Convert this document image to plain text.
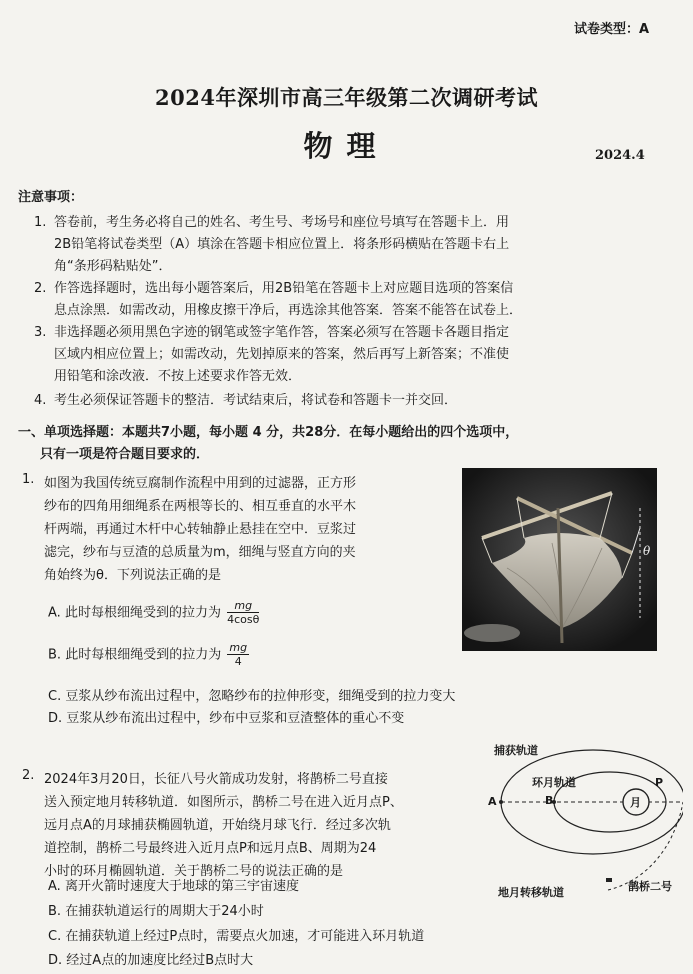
试卷类型：A
2024年深圳市高三年级第二次调研考试
物理	2024.4
注意事项：
1. 答卷前，考生务必将自己的姓名、考生号、考场号和座位号填写在答题卡上．用
2B铅笔将试卷类型（A）填涂在答题卡相应位置上．将条形码横贴在答题卡右上
角“条形码粘贴处”．
2. 作答选择题时，选出每小题答案后，用2B铅笔在答题卡上对应题目选项的答案信
息点涂黑．如需改动，用橡皮擦干净后，再选涂其他答案．答案不能答在试卷上．
3. 非选择题必须用黑色字迹的钢笔或签字笔作答，答案必须写在答题卡各题目指定
区域内相应位置上；如需改动，先划掉原来的答案，然后再写上新答案；不准使
用铅笔和涂改液．不按上述要求作答无效．
4. 考生必须保证答题卡的整洁．考试结束后，将试卷和答题卡一并交回．
一、单项选择题：本题共7小题，每小题 4 分，共28分．在每小题给出的四个选项中，
只有一项是符合题目要求的．
1. 如图为我国传统豆腐制作流程中用到的过滤器，正方形
纱布的四角用细绳系在两根等长的、相互垂直的水平木
杆两端，再通过木杆中心转轴静止悬挂在空中．豆浆过
滤完，纱布与豆渣的总质量为m，细绳与竖直方向的夹
角始终为θ．下列说法正确的是
A. 此时每根细绳受到的拉力为 $\frac{mg}{4\cos\theta}$
B. 此时每根细绳受到的拉力为 $\frac{mg}{4}$
C. 豆浆从纱布流出过程中，忽略纱布的拉伸形变，细绳受到的拉力变大
D. 豆浆从纱布流出过程中，纱布中豆浆和豆渣整体的重心不变
θ
2. 2024年3月20日，长征八号火箭成功发射，将鹊桥二号直接
送入预定地月转移轨道．如图所示，鹊桥二号在进入近月点P、
远月点A的月球捕获椭圆轨道，开始绕月球飞行．经过多次轨
道控制，鹊桥二号最终进入近月点P和远月点B、周期为24
小时的环月椭圆轨道．关于鹊桥二号的说法正确的是
A. 离开火箭时速度大于地球的第三宇宙速度
B. 在捕获轨道运行的周期大于24小时
C. 在捕获轨道上经过P点时，需要点火加速，才可能进入环月轨道
D. 经过A点的加速度比经过B点时大
捕获轨道
环月轨道
A	B
P
月
地月转移轨道	鹊桥二号
